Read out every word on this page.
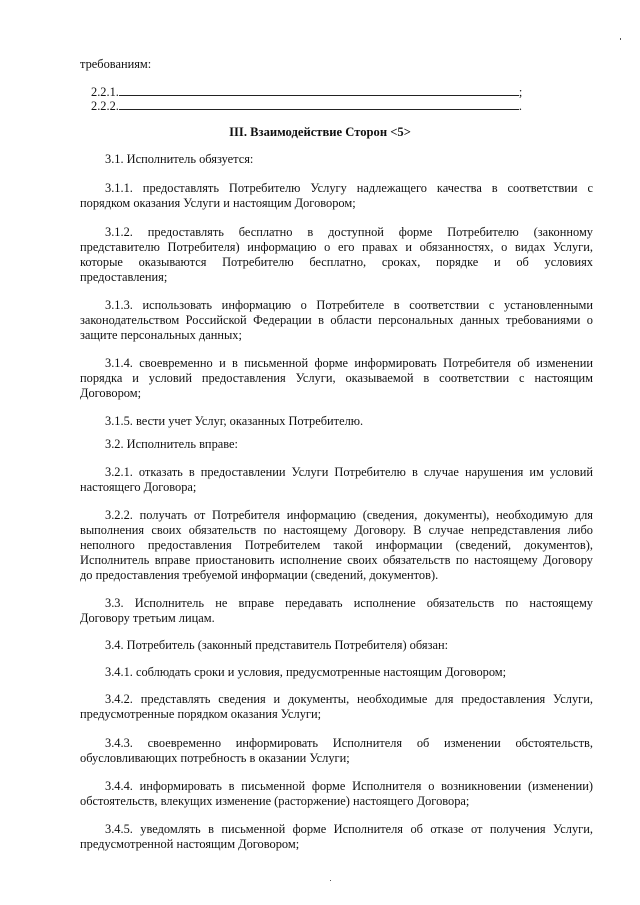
требованиям:
2.2.1.	;
2.2.2.	.
III. Взаимодействие Сторон <5>
3.1. Исполнитель обязуется:
3.1.1. предоставлять Потребителю Услугу надлежащего качества в соответствии с
порядком оказания Услуги и настоящим Договором;
3.1.2. предоставлять бесплатно в доступной форме Потребителю (законному
представителю Потребителя) информацию о его правах и обязанностях, о видах Услуги,
которые оказываются Потребителю бесплатно, сроках, порядке и об условиях
предоставления;
3.1.3. использовать информацию о Потребителе в соответствии с установленными
законодательством Российской Федерации в области персональных данных требованиями о
защите персональных данных;
3.1.4. своевременно и в письменной форме информировать Потребителя об изменении
порядка и условий предоставления Услуги, оказываемой в соответствии с настоящим
Договором;
3.1.5. вести учет Услуг, оказанных Потребителю.
3.2. Исполнитель вправе:
3.2.1. отказать в предоставлении Услуги Потребителю в случае нарушения им условий
настоящего Договора;
3.2.2. получать от Потребителя информацию (сведения, документы), необходимую для
выполнения своих обязательств по настоящему Договору. В случае непредставления либо
неполного предоставления Потребителем такой информации (сведений, документов),
Исполнитель вправе приостановить исполнение своих обязательств по настоящему Договору
до предоставления требуемой информации (сведений, документов).
3.3. Исполнитель не вправе передавать исполнение обязательств по настоящему
Договору третьим лицам.
3.4. Потребитель (законный представитель Потребителя) обязан:
3.4.1. соблюдать сроки и условия, предусмотренные настоящим Договором;
3.4.2. представлять сведения и документы, необходимые для предоставления Услуги,
предусмотренные порядком оказания Услуги;
3.4.3. своевременно информировать Исполнителя об изменении обстоятельств,
обусловливающих потребность в оказании Услуги;
3.4.4. информировать в письменной форме Исполнителя о возникновении (изменении)
обстоятельств, влекущих изменение (расторжение) настоящего Договора;
3.4.5. уведомлять в письменной форме Исполнителя об отказе от получения Услуги,
предусмотренной настоящим Договором;
